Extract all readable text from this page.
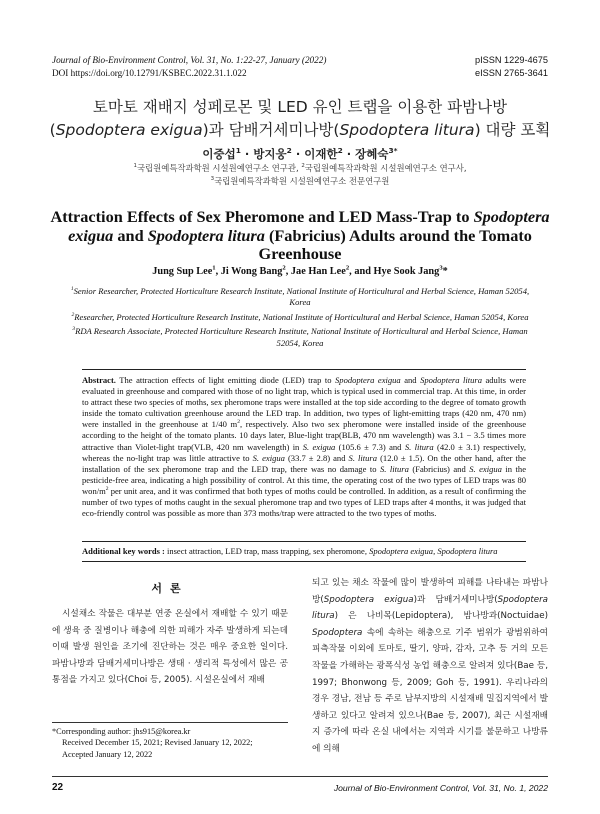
Journal of Bio-Environment Control, Vol. 31, No. 1:22-27, January (2022)
DOI https://doi.org/10.12791/KSBEC.2022.31.1.022
pISSN 1229-4675
eISSN 2765-3641
토마토 재배지 성페로몬 및 LED 유인 트랩을 이용한 파밤나방
(Spodoptera exigua)과 담배거세미나방(Spodoptera litura) 대량 포획
이중섭$^1$ · 방지웅$^2$ · 이재한$^2$ · 장혜숙$^{3*}$
$^1$국립원예특작과학원 시설원예연구소 연구관, $^2$국립원예특작과학원 시설원예연구소 연구사,
$^3$국립원예특작과학원 시설원예연구소 전문연구원
Attraction Effects of Sex Pheromone and LED Mass-Trap to Spodoptera
exigua and Spodoptera litura (Fabricius) Adults around the Tomato Greenhouse
Jung Sup Lee$^1$, Ji Wong Bang$^2$, Jae Han Lee$^2$, and Hye Sook Jang$^3$*

$^1$Senior Researcher, Protected Horticulture Research Institute, National Institute of Horticultural and Herbal Science, Haman 52054, Korea

$^2$Researcher, Protected Horticulture Research Institute, National Institute of Horticultural and Herbal Science, Haman 52054, Korea

$^3$RDA Research Associate, Protected Horticulture Research Institute, National Institute of Horticultural and Herbal Science, Haman 52054, Korea

Abstract. The attraction effects of light emitting diode (LED) trap to Spodoptera exigua and Spodoptera litura adults were evaluated in greenhouse and compared with those of no light trap, which is typical used in commercial trap. At this time, in order to attract these two species of moths, sex pheromone traps were installed at the top side according to the degree of tomato growth inside the tomato cultivation greenhouse around the LED trap. In addition, two types of light-emitting traps (420 nm, 470 nm) were installed in the greenhouse at 1/40 $m^2$, respectively. Also two sex pheromone were installed inside of the greenhouse according to the height of the tomato plants. 10 days later, Blue-light trap(BLB, 470 nm wavelength) was 3.1 − 3.5 times more attractive than Violet-light trap(VLB, 420 nm wavelength) in S. exigua (105.6 ± 7.3) and S. litura (42.0 ± 3.1) respectively, whereas the no-light trap was little attractive to S. exigua (33.7 ± 2.8) and S. litura (12.0 ± 1.5). On the other hand, after the installation of the sex pheromone trap and the LED trap, there was no damage to S. litura (Fabricius) and S. exigua in the pesticide-free area, indicating a high possibility of control. At this time, the operating cost of the two types of LED traps was 80 won/$m^2$ per unit area, and it was confirmed that both types of moths could be controlled. In addition, as a result of confirming the number of two types of moths caught in the sexual pheromone trap and two types of LED traps after 4 months, it was judged that eco-friendly control was possible as more than 373 moths/trap were attracted to the two types of moths.
Additional key words : insect attraction, LED trap, mass trapping, sex pheromone, Spodoptera exigua, Spodoptera litura
서론
시설채소 작물은 대부분 연중 온실에서 재배할 수 있기 때문에 생육 중 질병이나 해충에 의한 피해가 자주 발생하게 되는데 이때 발생 원인을 조기에 진단하는 것은 매우 중요한 일이다. 파밤나방과 담배거세미나방은 생태 · 생리적 특성에서 많은 공통점을 가지고 있다(Choi 등, 2005). 시설온실에서 재배
되고 있는 채소 작물에 많이 발생하여 피해를 나타내는 파밤나방(Spodoptera exigua)과 담배거세미나방(Spodoptera litura) 은 나비목(Lepidoptera), 밤나방과(Noctuidae) Spodoptera 속에 속하는 해충으로 기주 범위가 광범위하여 피측작물 이외에 토마토, 딸기, 양파, 감자, 고추 등 거의 모든 작물을 가해하는 광폭식성 농업 해충으로 알려져 있다(Bae 등, 1997; Bhonwong 등, 2009; Goh 등, 1991). 우리나라의 경우 경남, 전남 등 주로 남부지방의 시설재배 밀집지역에서 발생하고 있다고 알려져 있으나(Bae 등, 2007), 최근 시설재배지 증가에 따라 온실 내에서는 지역과 시기를 불문하고 나방류에 의해

*Corresponding author: jhs915@korea.kr

Received December 15, 2021; Revised January 12, 2022;

Accepted January 12, 2022

22	Journal of Bio-Environment Control, Vol. 31, No. 1, 2022
